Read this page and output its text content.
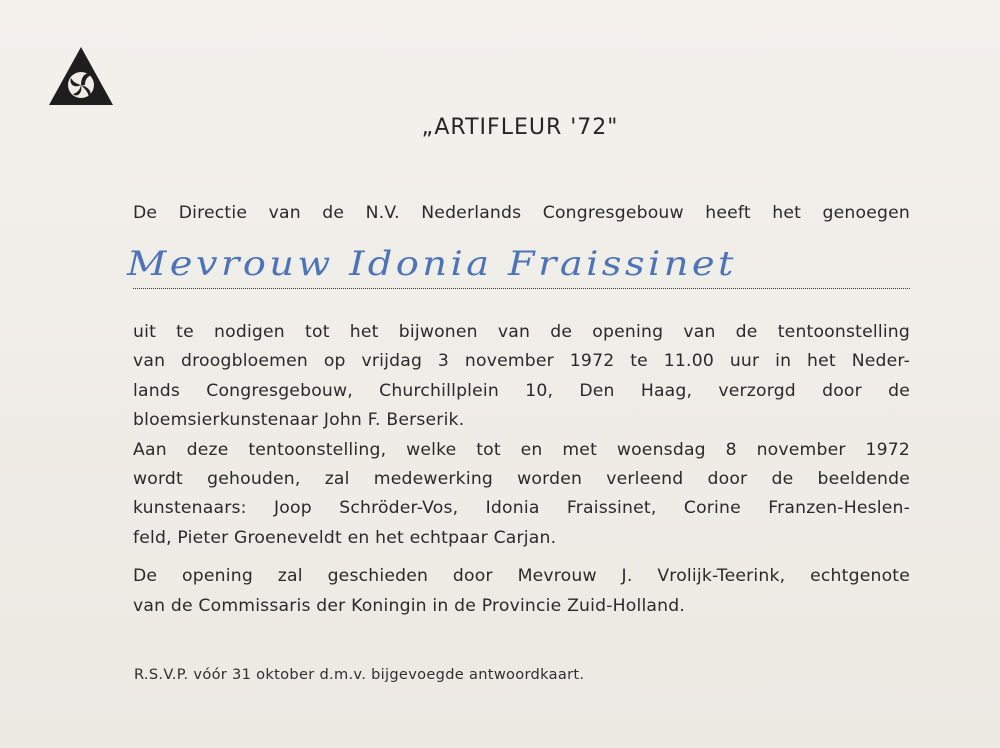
„ARTIFLEUR '72"
De Directie van de N.V. Nederlands Congresgebouw heeft het genoegen
Mevrouw Idonia Fraissinet
uit te nodigen tot het bijwonen van de opening van de tentoonstelling
van droogbloemen op vrijdag 3 november 1972 te 11.00 uur in het Neder-
lands Congresgebouw, Churchillplein 10, Den Haag, verzorgd door de
bloemsierkunstenaar John F. Berserik.
Aan deze tentoonstelling, welke tot en met woensdag 8 november 1972
wordt gehouden, zal medewerking worden verleend door de beeldende
kunstenaars: Joop Schröder-Vos, Idonia Fraissinet, Corine Franzen-Heslen-
feld, Pieter Groeneveldt en het echtpaar Carjan.
De opening zal geschieden door Mevrouw J. Vrolijk-Teerink, echtgenote
van de Commissaris der Koningin in de Provincie Zuid-Holland.
R.S.V.P. vóór 31 oktober d.m.v. bijgevoegde antwoordkaart.
